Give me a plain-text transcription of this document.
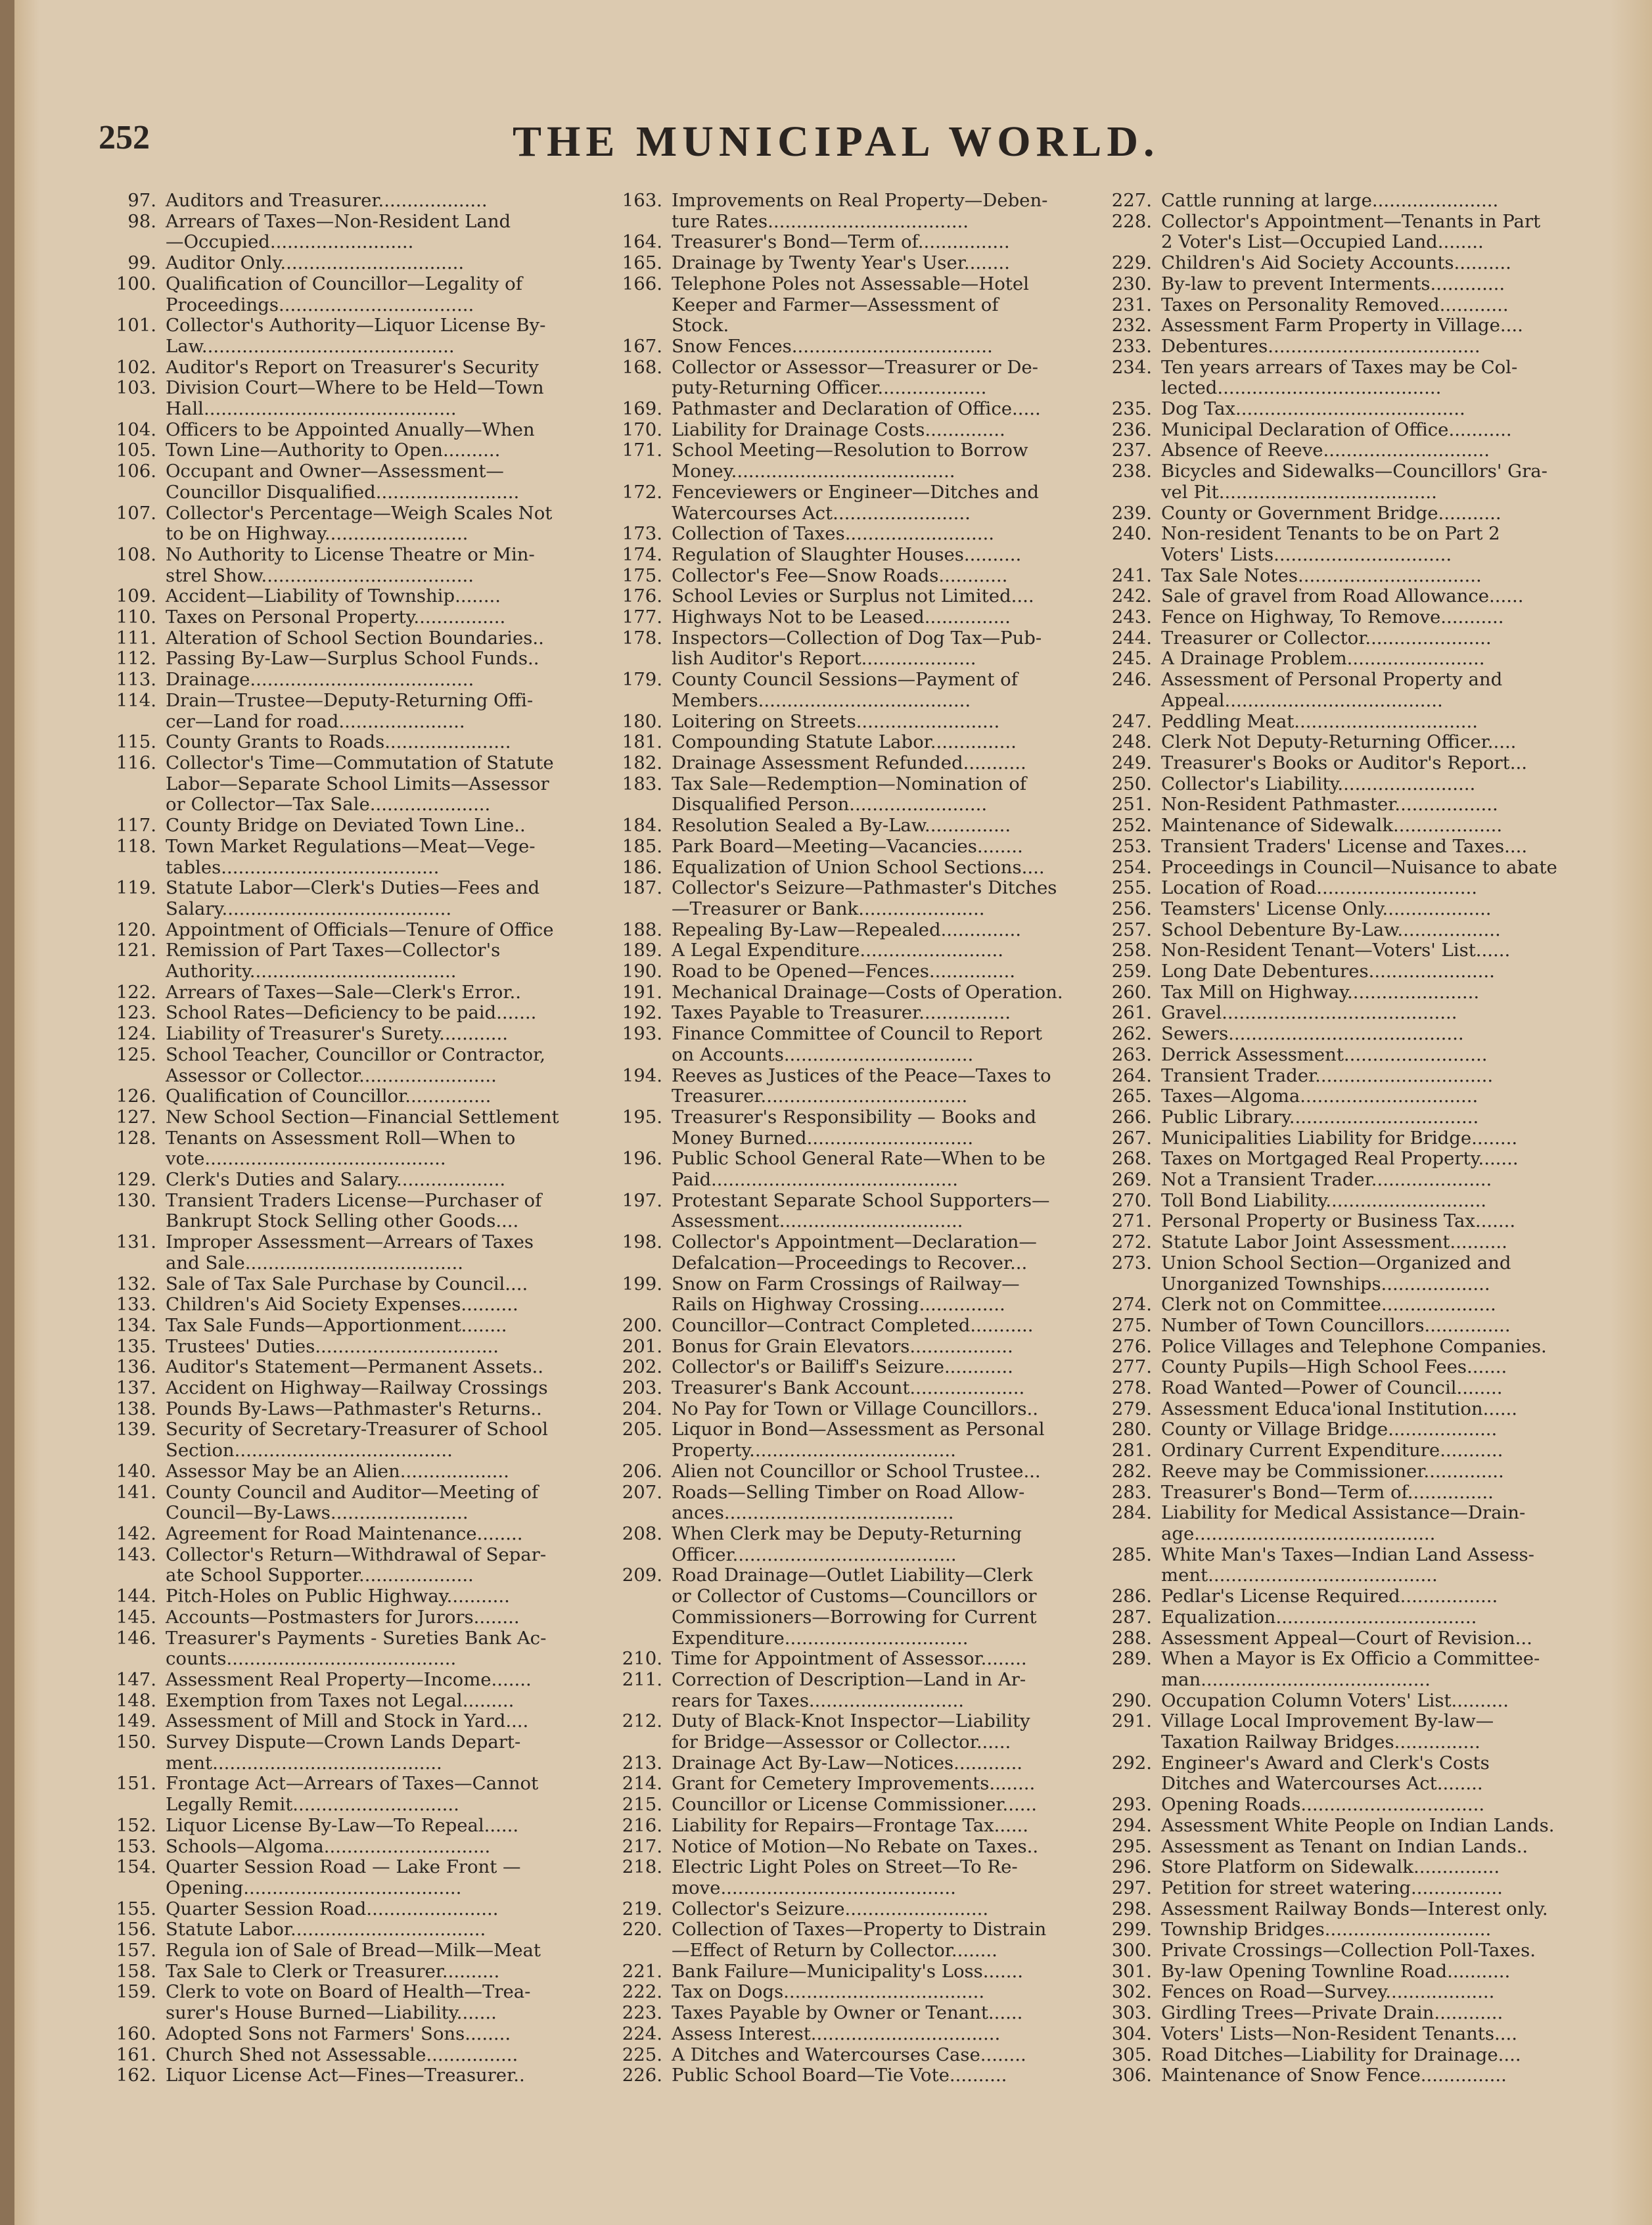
252	THE MUNICIPAL WORLD.
97. Auditors and Treasurer...................
98. Arrears of Taxes—Non-Resident Land
—Occupied.........................
99. Auditor Only................................
100. Qualification of Councillor—Legality of
Proceedings..................................
101. Collector's Authority—Liquor License By-
Law............................................
102. Auditor's Report on Treasurer's Security
103. Division Court—Where to be Held—Town
Hall............................................
104. Officers to be Appointed Anually—When
105. Town Line—Authority to Open..........
106. Occupant and Owner—Assessment—
Councillor Disqualified.........................
107. Collector's Percentage—Weigh Scales Not
to be on Highway.........................
108. No Authority to License Theatre or Min-
strel Show.....................................
109. Accident—Liability of Township........
110. Taxes on Personal Property................
111. Alteration of School Section Boundaries..
112. Passing By-Law—Surplus School Funds..
113. Drainage.......................................
114. Drain—Trustee—Deputy-Returning Offi-
cer—Land for road......................
115. County Grants to Roads......................
116. Collector's Time—Commutation of Statute
Labor—Separate School Limits—Assessor
or Collector—Tax Sale.....................
117. County Bridge on Deviated Town Line..
118. Town Market Regulations—Meat—Vege-
tables......................................
119. Statute Labor—Clerk's Duties—Fees and
Salary........................................
120. Appointment of Officials—Tenure of Office
121. Remission of Part Taxes—Collector's
Authority....................................
122. Arrears of Taxes—Sale—Clerk's Error..
123. School Rates—Deficiency to be paid.......
124. Liability of Treasurer's Surety............
125. School Teacher, Councillor or Contractor,
Assessor or Collector........................
126. Qualification of Councillor...............
127. New School Section—Financial Settlement
128. Tenants on Assessment Roll—When to
vote..........................................
129. Clerk's Duties and Salary...................
130. Transient Traders License—Purchaser of
Bankrupt Stock Selling other Goods....
131. Improper Assessment—Arrears of Taxes
and Sale......................................
132. Sale of Tax Sale Purchase by Council....
133. Children's Aid Society Expenses..........
134. Tax Sale Funds—Apportionment........
135. Trustees' Duties................................
136. Auditor's Statement—Permanent Assets..
137. Accident on Highway—Railway Crossings
138. Pounds By-Laws—Pathmaster's Returns..
139. Security of Secretary-Treasurer of School
Section......................................
140. Assessor May be an Alien...................
141. County Council and Auditor—Meeting of
Council—By-Laws........................
142. Agreement for Road Maintenance........
143. Collector's Return—Withdrawal of Separ-
ate School Supporter....................
144. Pitch-Holes on Public Highway...........
145. Accounts—Postmasters for Jurors........
146. Treasurer's Payments - Sureties Bank Ac-
counts........................................
147. Assessment Real Property—Income.......
148. Exemption from Taxes not Legal.........
149. Assessment of Mill and Stock in Yard....
150. Survey Dispute—Crown Lands Depart-
ment........................................
151. Frontage Act—Arrears of Taxes—Cannot
Legally Remit.............................
152. Liquor License By-Law—To Repeal......
153. Schools—Algoma.............................
154. Quarter Session Road — Lake Front —
Opening......................................
155. Quarter Session Road.......................
156. Statute Labor..................................
157. Regula ion of Sale of Bread—Milk—Meat
158. Tax Sale to Clerk or Treasurer..........
159. Clerk to vote on Board of Health—Trea-
surer's House Burned—Liability.......
160. Adopted Sons not Farmers' Sons........
161. Church Shed not Assessable................
162. Liquor License Act—Fines—Treasurer..
163. Improvements on Real Property—Deben-
ture Rates...................................
164. Treasurer's Bond—Term of................
165. Drainage by Twenty Year's User........
166. Telephone Poles not Assessable—Hotel
Keeper and Farmer—Assessment of
Stock.
167. Snow Fences...................................
168. Collector or Assessor—Treasurer or De-
puty-Returning Officer...................
169. Pathmaster and Declaration of Office.....
170. Liability for Drainage Costs..............
171. School Meeting—Resolution to Borrow
Money.......................................
172. Fenceviewers or Engineer—Ditches and
Watercourses Act........................
173. Collection of Taxes..........................
174. Regulation of Slaughter Houses..........
175. Collector's Fee—Snow Roads............
176. School Levies or Surplus not Limited....
177. Highways Not to be Leased...............
178. Inspectors—Collection of Dog Tax—Pub-
lish Auditor's Report....................
179. County Council Sessions—Payment of
Members.....................................
180. Loitering on Streets.........................
181. Compounding Statute Labor...............
182. Drainage Assessment Refunded...........
183. Tax Sale—Redemption—Nomination of
Disqualified Person........................
184. Resolution Sealed a By-Law...............
185. Park Board—Meeting—Vacancies........
186. Equalization of Union School Sections....
187. Collector's Seizure—Pathmaster's Ditches
—Treasurer or Bank......................
188. Repealing By-Law—Repealed..............
189. A Legal Expenditure.........................
190. Road to be Opened—Fences...............
191. Mechanical Drainage—Costs of Operation.
192. Taxes Payable to Treasurer................
193. Finance Committee of Council to Report
on Accounts.................................
194. Reeves as Justices of the Peace—Taxes to
Treasurer....................................
195. Treasurer's Responsibility — Books and
Money Burned.............................
196. Public School General Rate—When to be
Paid...........................................
197. Protestant Separate School Supporters—
Assessment................................
198. Collector's Appointment—Declaration—
Defalcation—Proceedings to Recover...
199. Snow on Farm Crossings of Railway—
Rails on Highway Crossing...............
200. Councillor—Contract Completed...........
201. Bonus for Grain Elevators..................
202. Collector's or Bailiff's Seizure............
203. Treasurer's Bank Account....................
204. No Pay for Town or Village Councillors..
205. Liquor in Bond—Assessment as Personal
Property....................................
206. Alien not Councillor or School Trustee...
207. Roads—Selling Timber on Road Allow-
ances........................................
208. When Clerk may be Deputy-Returning
Officer.......................................
209. Road Drainage—Outlet Liability—Clerk
or Collector of Customs—Councillors or
Commissioners—Borrowing for Current
Expenditure................................
210. Time for Appointment of Assessor........
211. Correction of Description—Land in Ar-
rears for Taxes...........................
212. Duty of Black-Knot Inspector—Liability
for Bridge—Assessor or Collector......
213. Drainage Act By-Law—Notices............
214. Grant for Cemetery Improvements........
215. Councillor or License Commissioner......
216. Liability for Repairs—Frontage Tax......
217. Notice of Motion—No Rebate on Taxes..
218. Electric Light Poles on Street—To Re-
move.........................................
219. Collector's Seizure.........................
220. Collection of Taxes—Property to Distrain
—Effect of Return by Collector........
221. Bank Failure—Municipality's Loss.......
222. Tax on Dogs...................................
223. Taxes Payable by Owner or Tenant......
224. Assess Interest.................................
225. A Ditches and Watercourses Case........
226. Public School Board—Tie Vote..........
227. Cattle running at large......................
228. Collector's Appointment—Tenants in Part
2 Voter's List—Occupied Land........
229. Children's Aid Society Accounts..........
230. By-law to prevent Interments.............
231. Taxes on Personality Removed............
232. Assessment Farm Property in Village....
233. Debentures.....................................
234. Ten years arrears of Taxes may be Col-
lected.......................................
235. Dog Tax........................................
236. Municipal Declaration of Office...........
237. Absence of Reeve.............................
238. Bicycles and Sidewalks—Councillors' Gra-
vel Pit......................................
239. County or Government Bridge...........
240. Non-resident Tenants to be on Part 2
Voters' Lists...............................
241. Tax Sale Notes................................
242. Sale of gravel from Road Allowance......
243. Fence on Highway, To Remove...........
244. Treasurer or Collector......................
245. A Drainage Problem........................
246. Assessment of Personal Property and
Appeal......................................
247. Peddling Meat................................
248. Clerk Not Deputy-Returning Officer.....
249. Treasurer's Books or Auditor's Report...
250. Collector's Liability........................
251. Non-Resident Pathmaster..................
252. Maintenance of Sidewalk...................
253. Transient Traders' License and Taxes....
254. Proceedings in Council—Nuisance to abate
255. Location of Road............................
256. Teamsters' License Only...................
257. School Debenture By-Law..................
258. Non-Resident Tenant—Voters' List......
259. Long Date Debentures......................
260. Tax Mill on Highway.......................
261. Gravel.........................................
262. Sewers.........................................
263. Derrick Assessment.........................
264. Transient Trader...............................
265. Taxes—Algoma...............................
266. Public Library.................................
267. Municipalities Liability for Bridge........
268. Taxes on Mortgaged Real Property.......
269. Not a Transient Trader.....................
270. Toll Bond Liability............................
271. Personal Property or Business Tax.......
272. Statute Labor Joint Assessment..........
273. Union School Section—Organized and
Unorganized Townships...................
274. Clerk not on Committee....................
275. Number of Town Councillors...............
276. Police Villages and Telephone Companies.
277. County Pupils—High School Fees.......
278. Road Wanted—Power of Council........
279. Assessment Educa'ional Institution......
280. County or Village Bridge...................
281. Ordinary Current Expenditure...........
282. Reeve may be Commissioner..............
283. Treasurer's Bond—Term of...............
284. Liability for Medical Assistance—Drain-
age..........................................
285. White Man's Taxes—Indian Land Assess-
ment........................................
286. Pedlar's License Required.................
287. Equalization...................................
288. Assessment Appeal—Court of Revision...
289. When a Mayor is Ex Officio a Committee-
man........................................
290. Occupation Column Voters' List..........
291. Village Local Improvement By-law—
Taxation Railway Bridges...............
292. Engineer's Award and Clerk's Costs
Ditches and Watercourses Act........
293. Opening Roads................................
294. Assessment White People on Indian Lands.
295. Assessment as Tenant on Indian Lands..
296. Store Platform on Sidewalk...............
297. Petition for street watering................
298. Assessment Railway Bonds—Interest only.
299. Township Bridges.............................
300. Private Crossings—Collection Poll-Taxes.
301. By-law Opening Townline Road...........
302. Fences on Road—Survey...................
303. Girdling Trees—Private Drain............
304. Voters' Lists—Non-Resident Tenants....
305. Road Ditches—Liability for Drainage....
306. Maintenance of Snow Fence...............
